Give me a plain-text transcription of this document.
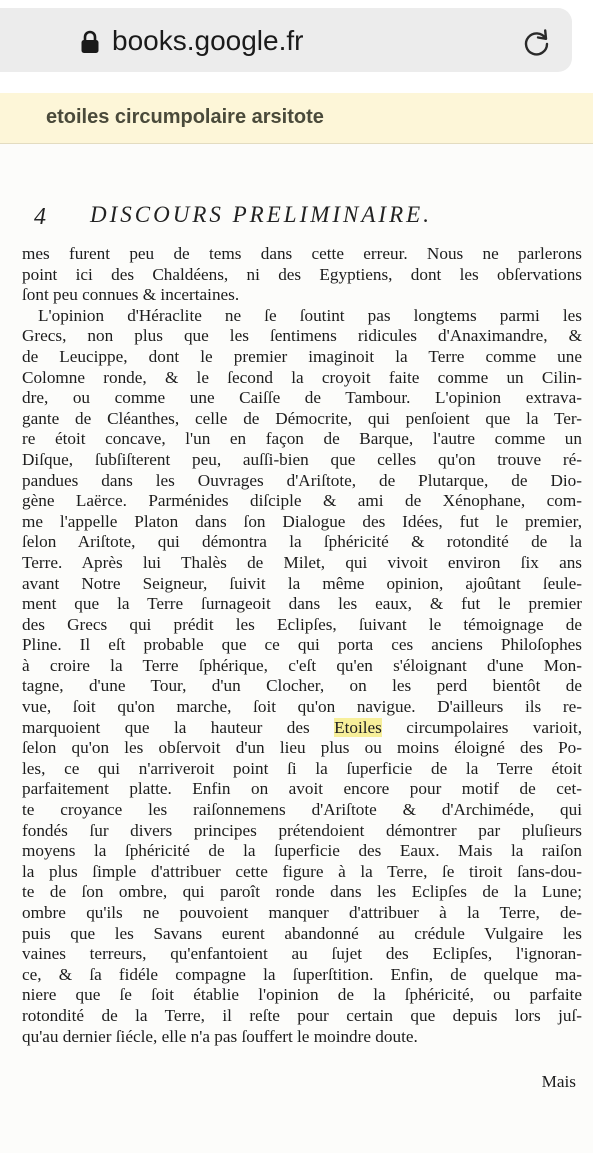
books.google.fr
etoiles circumpolaire arsitote
4 DISCOURS PRELIMINAIRE.
mes furent peu de tems dans cette erreur. Nous ne parlerons
point ici des Chaldéens, ni des Egyptiens, dont les obſervations
ſont peu connues & incertaines.
L'opinion d'Héraclite ne ſe ſoutint pas longtems parmi les
Grecs, non plus que les ſentimens ridicules d'Anaximandre, &
de Leucippe, dont le premier imaginoit la Terre comme une
Colomne ronde, & le ſecond la croyoit faite comme un Cilin-
dre, ou comme une Caiſſe de Tambour. L'opinion extrava-
gante de Cléanthes, celle de Démocrite, qui penſoient que la Ter-
re étoit concave, l'un en façon de Barque, l'autre comme un
Diſque, ſubſiſterent peu, auſſi-bien que celles qu'on trouve ré-
pandues dans les Ouvrages d'Ariſtote, de Plutarque, de Dio-
gène Laërce. Parménides diſciple & ami de Xénophane, com-
me l'appelle Platon dans ſon Dialogue des Idées, fut le premier,
ſelon Ariſtote, qui démontra la ſphéricité & rotondité de la
Terre. Après lui Thalès de Milet, qui vivoit environ ſix ans
avant Notre Seigneur, ſuivit la même opinion, ajoûtant ſeule-
ment que la Terre ſurnageoit dans les eaux, & fut le premier
des Grecs qui prédit les Eclipſes, ſuivant le témoignage de
Pline. Il eſt probable que ce qui porta ces anciens Philoſophes
à croire la Terre ſphérique, c'eſt qu'en s'éloignant d'une Mon-
tagne, d'une Tour, d'un Clocher, on les perd bientôt de
vue, ſoit qu'on marche, ſoit qu'on navigue. D'ailleurs ils re-
marquoient que la hauteur des Etoiles circumpolaires varioit,
ſelon qu'on les obſervoit d'un lieu plus ou moins éloigné des Po-
les, ce qui n'arriveroit point ſi la ſuperficie de la Terre étoit
parfaitement platte. Enfin on avoit encore pour motif de cet-
te croyance les raiſonnemens d'Ariſtote & d'Archiméde, qui
fondés ſur divers principes prétendoient démontrer par pluſieurs
moyens la ſphéricité de la ſuperficie des Eaux. Mais la raiſon
la plus ſimple d'attribuer cette figure à la Terre, ſe tiroit ſans-dou-
te de ſon ombre, qui paroît ronde dans les Eclipſes de la Lune;
ombre qu'ils ne pouvoient manquer d'attribuer à la Terre, de-
puis que les Savans eurent abandonné au crédule Vulgaire les
vaines terreurs, qu'enfantoient au ſujet des Eclipſes, l'ignoran-
ce, & ſa fidéle compagne la ſuperſtition. Enfin, de quelque ma-
niere que ſe ſoit établie l'opinion de la ſphéricité, ou parfaite
rotondité de la Terre, il reſte pour certain que depuis lors juſ-
qu'au dernier ſiécle, elle n'a pas ſouffert le moindre doute.
Mais
